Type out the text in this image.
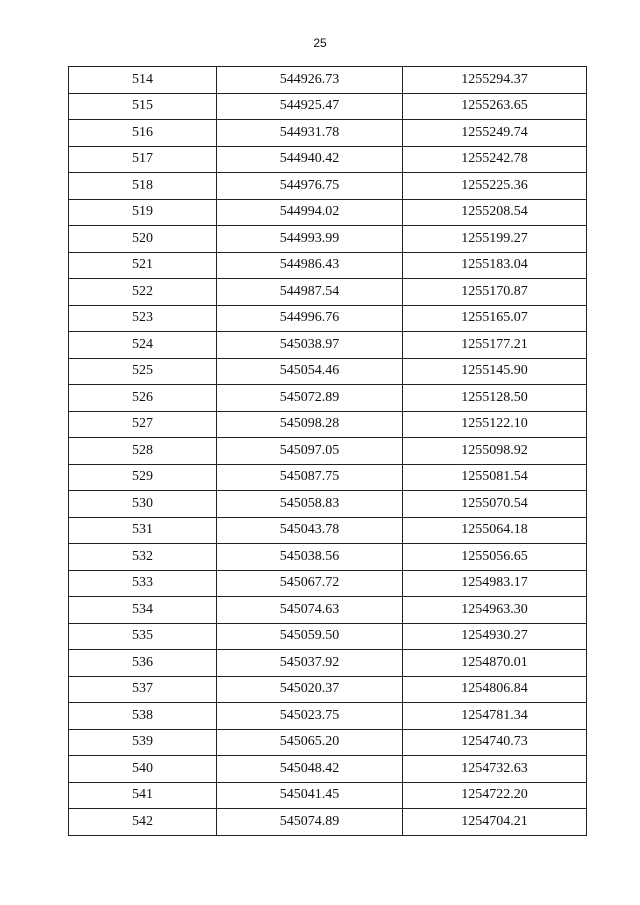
25
514	544926.73	1255294.37
515	544925.47	1255263.65
516	544931.78	1255249.74
517	544940.42	1255242.78
518	544976.75	1255225.36
519	544994.02	1255208.54
520	544993.99	1255199.27
521	544986.43	1255183.04
522	544987.54	1255170.87
523	544996.76	1255165.07
524	545038.97	1255177.21
525	545054.46	1255145.90
526	545072.89	1255128.50
527	545098.28	1255122.10
528	545097.05	1255098.92
529	545087.75	1255081.54
530	545058.83	1255070.54
531	545043.78	1255064.18
532	545038.56	1255056.65
533	545067.72	1254983.17
534	545074.63	1254963.30
535	545059.50	1254930.27
536	545037.92	1254870.01
537	545020.37	1254806.84
538	545023.75	1254781.34
539	545065.20	1254740.73
540	545048.42	1254732.63
541	545041.45	1254722.20
542	545074.89	1254704.21
